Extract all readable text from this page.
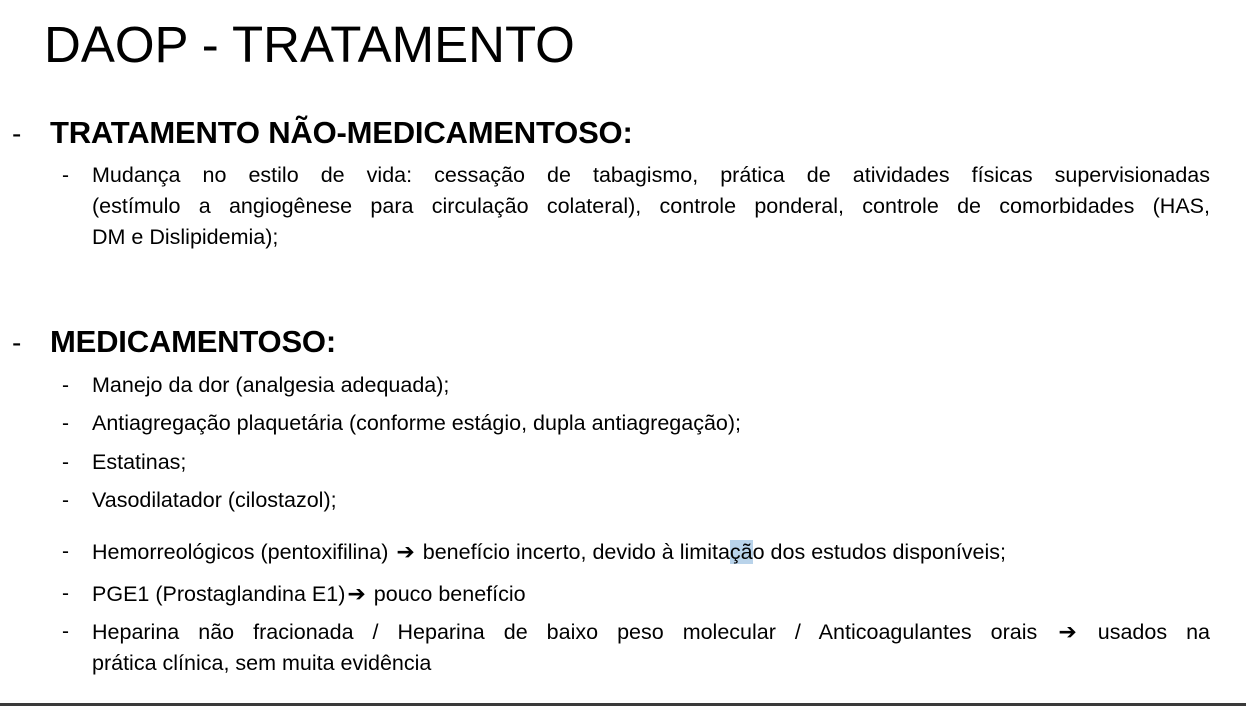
DAOP - TRATAMENTO
- TRATAMENTO NÃO-MEDICAMENTOSO:
- Mudança no estilo de vida: cessação de tabagismo, prática de atividades físicas supervisionadas
(estímulo a angiogênese para circulação colateral), controle ponderal, controle de comorbidades (HAS,
DM e Dislipidemia);
- MEDICAMENTOSO:
- Manejo da dor (analgesia adequada);
- Antiagregação plaquetária (conforme estágio, dupla antiagregação);
- Estatinas;
- Vasodilatador (cilostazol);
- Hemorreológicos (pentoxifilina) ➔ benefício incerto, devido à limitação dos estudos disponíveis;
- PGE1 (Prostaglandina E1)➔ pouco benefício
- Heparina não fracionada / Heparina de baixo peso molecular / Anticoagulantes orais ➔ usados na
prática clínica, sem muita evidência
